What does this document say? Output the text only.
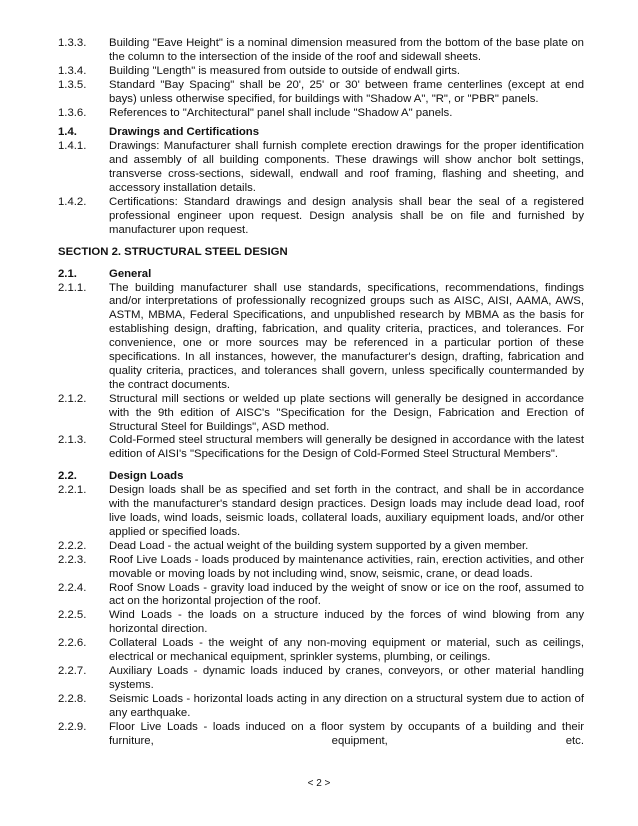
1.3.3.	Building "Eave Height" is a nominal dimension measured from the bottom of the base plate on the column to the intersection of the inside of the roof and sidewall sheets.
1.3.4.	Building "Length" is measured from outside to outside of endwall girts.
1.3.5.	Standard "Bay Spacing" shall be 20', 25' or 30' between frame centerlines (except at end bays) unless otherwise specified, for buildings with "Shadow A", "R", or "PBR" panels.
1.3.6.	References to "Architectural" panel shall include "Shadow A" panels.
1.4.	Drawings and Certifications
1.4.1.	Drawings: Manufacturer shall furnish complete erection drawings for the proper identification and assembly of all building components. These drawings will show anchor bolt settings, transverse cross-sections, sidewall, endwall and roof framing, flashing and sheeting, and accessory installation details.
1.4.2.	Certifications: Standard drawings and design analysis shall bear the seal of a registered professional engineer upon request. Design analysis shall be on file and furnished by manufacturer upon request.
SECTION 2. STRUCTURAL STEEL DESIGN
2.1.	General
2.1.1.	The building manufacturer shall use standards, specifications, recommendations, findings and/or interpretations of professionally recognized groups such as AISC, AISI, AAMA, AWS, ASTM, MBMA, Federal Specifications, and unpublished research by MBMA as the basis for establishing design, drafting, fabrication, and quality criteria, practices, and tolerances. For convenience, one or more sources may be referenced in a particular portion of these specifications. In all instances, however, the manufacturer's design, drafting, fabrication and quality criteria, practices, and tolerances shall govern, unless specifically countermanded by the contract documents.
2.1.2.	Structural mill sections or welded up plate sections will generally be designed in accordance with the 9th edition of AISC's "Specification for the Design, Fabrication and Erection of Structural Steel for Buildings", ASD method.
2.1.3.	Cold-Formed steel structural members will generally be designed in accordance with the latest edition of AISI's "Specifications for the Design of Cold-Formed Steel Structural Members".
2.2.	Design Loads
2.2.1.	Design loads shall be as specified and set forth in the contract, and shall be in accordance with the manufacturer's standard design practices. Design loads may include dead load, roof live loads, wind loads, seismic loads, collateral loads, auxiliary equipment loads, and/or other applied or specified loads.
2.2.2.	Dead Load - the actual weight of the building system supported by a given member.
2.2.3.	Roof Live Loads - loads produced by maintenance activities, rain, erection activities, and other movable or moving loads by not including wind, snow, seismic, crane, or dead loads.
2.2.4.	Roof Snow Loads - gravity load induced by the weight of snow or ice on the roof, assumed to act on the horizontal projection of the roof.
2.2.5.	Wind Loads - the loads on a structure induced by the forces of wind blowing from any horizontal direction.
2.2.6.	Collateral Loads - the weight of any non-moving equipment or material, such as ceilings, electrical or mechanical equipment, sprinkler systems, plumbing, or ceilings.
2.2.7.	Auxiliary Loads - dynamic loads induced by cranes, conveyors, or other material handling systems.
2.2.8.	Seismic Loads - horizontal loads acting in any direction on a structural system due to action of any earthquake.
2.2.9.	Floor Live Loads - loads induced on a floor system by occupants of a building and their furniture, equipment, etc.
< 2 >
